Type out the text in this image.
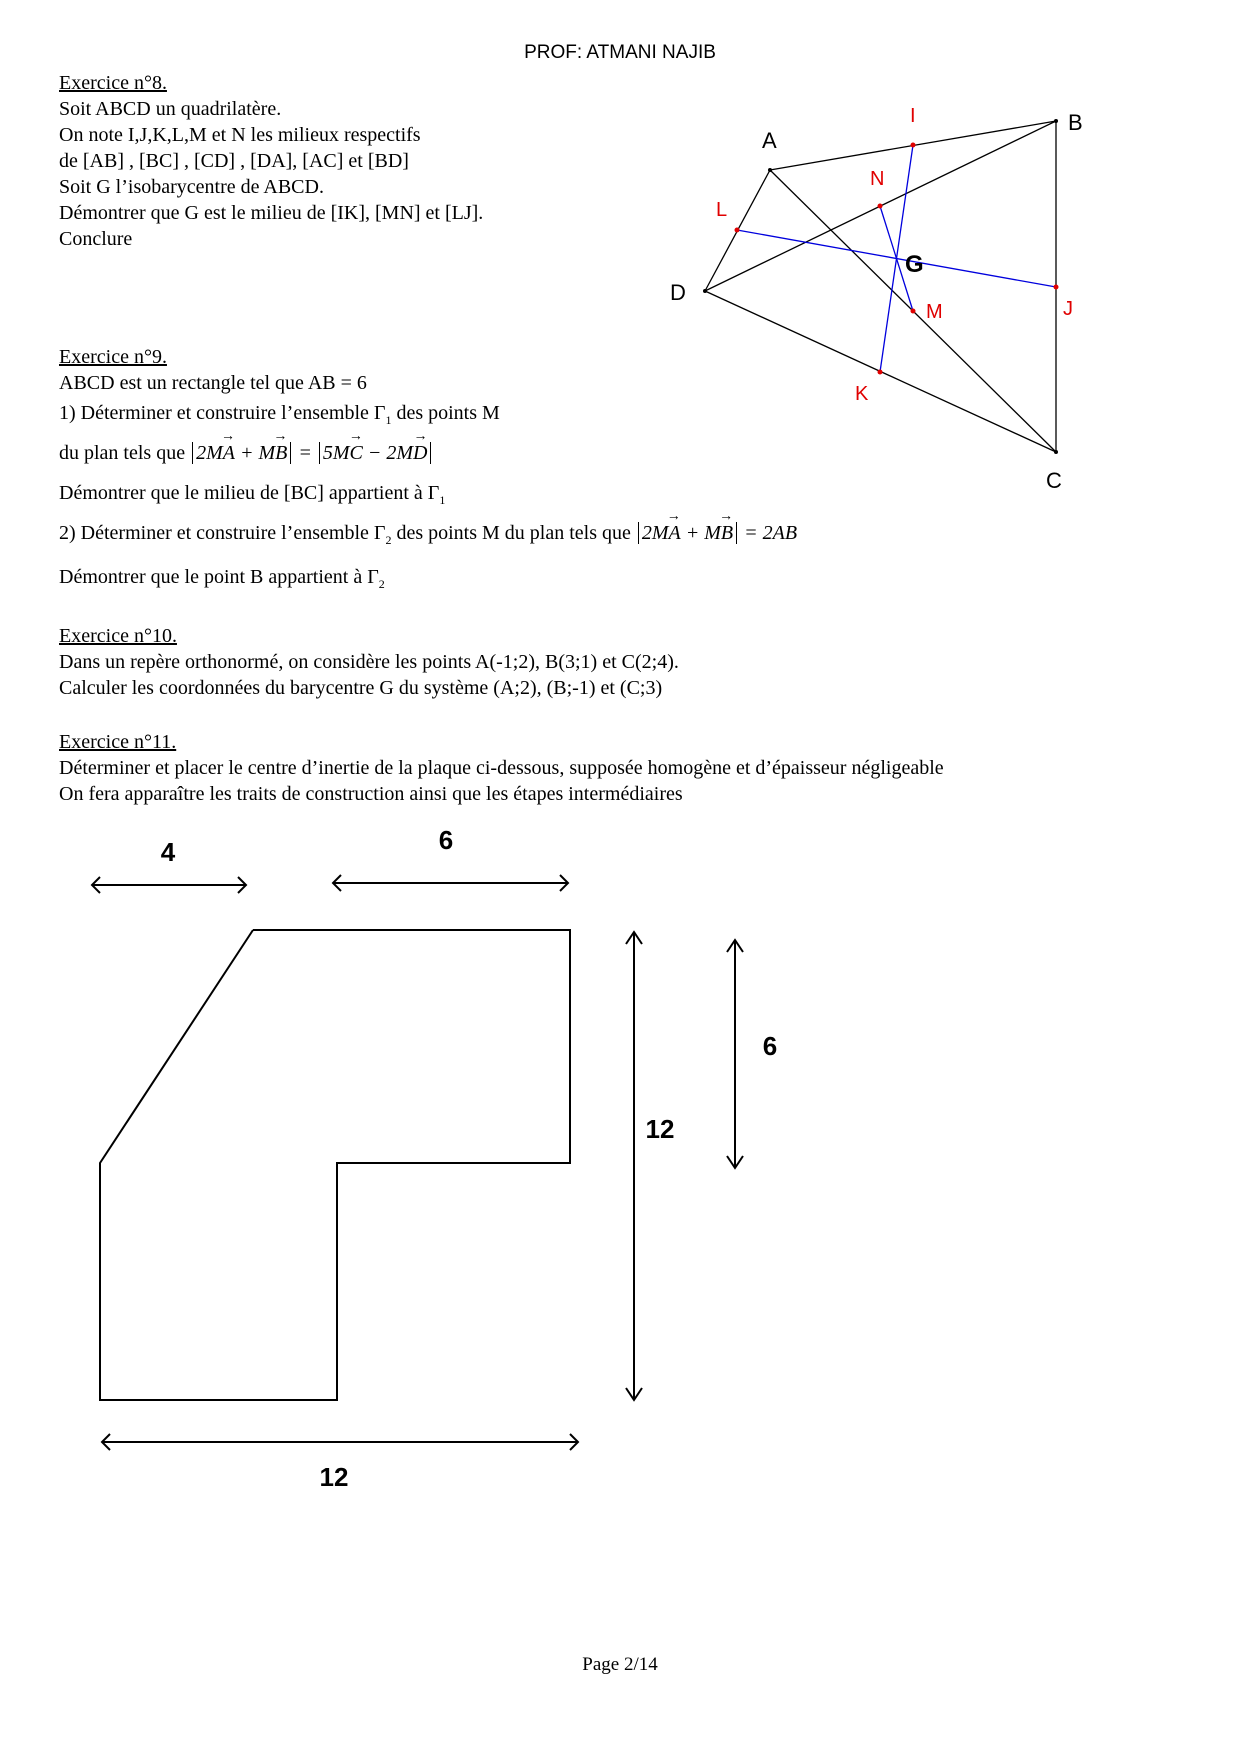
PROF: ATMANI NAJIB
Exercice n°8.
Soit ABCD un quadrilatère.
On note I,J,K,L,M et N les milieux respectifs
de [AB] , [BC] , [CD] , [DA], [AC] et [BD]
Soit G l’isobarycentre de ABCD.
Démontrer que G est le milieu de [IK], [MN] et [LJ].
Conclure
A
B
C
D
G
I
J
K
L
M
N
Exercice n°9.
ABCD est un rectangle tel que AB = 6
1) Déterminer et construire l’ensemble $\Gamma_1$ des points M
du plan tels que 2MA → + MB → = 5MC → − 2MD →
Démontrer que le milieu de [BC] appartient à $\Gamma_1$
2) Déterminer et construire l’ensemble $\Gamma_2$ des points M du plan tels que 2MA → + MB → = 2AB
Démontrer que le point B appartient à $\Gamma_2$
Exercice n°10.
Dans un repère orthonormé, on considère les points A(-1;2), B(3;1) et C(2;4).
Calculer les coordonnées du barycentre G du système (A;2), (B;-1) et (C;3)
Exercice n°11.
Déterminer et placer le centre d’inertie de la plaque ci-dessous, supposée homogène et d’épaisseur négligeable
On fera apparaître les traits de construction ainsi que les étapes intermédiaires
4	6
12
6
12
Page 2/14
